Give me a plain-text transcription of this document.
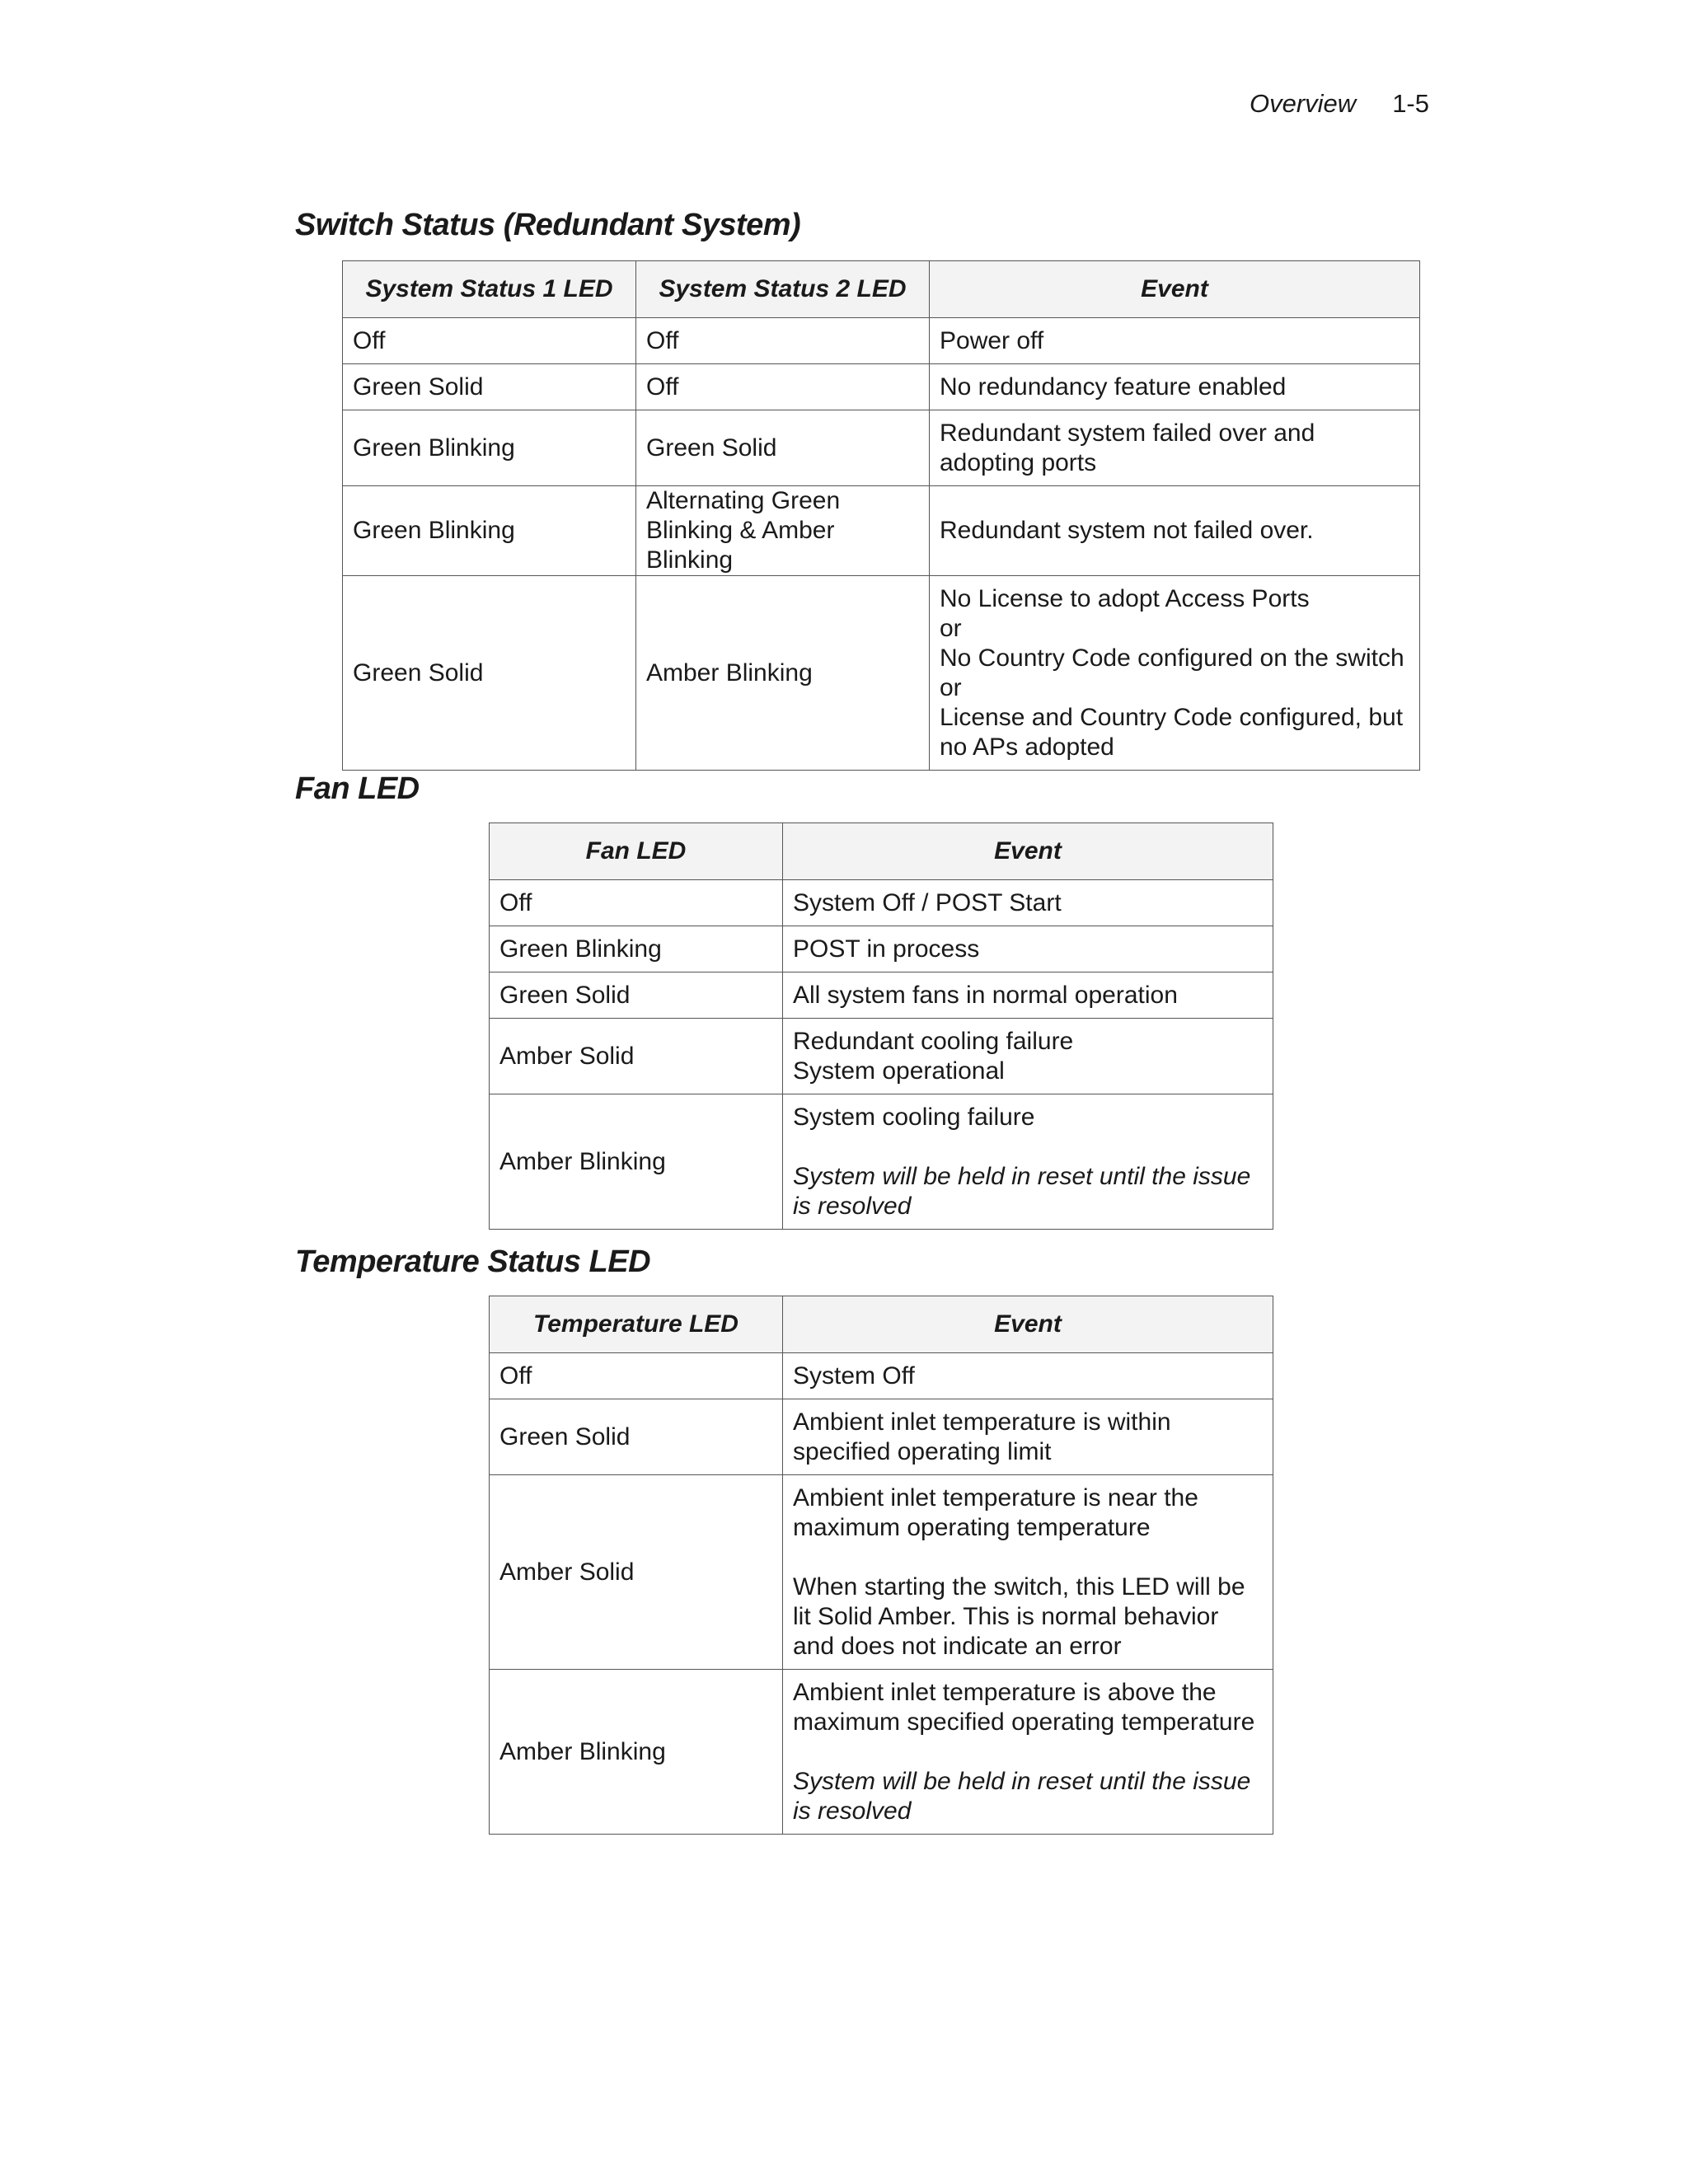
Overview 1-5
Switch Status (Redundant System)
System Status 1 LED	System Status 2 LED	Event
Off	Off	Power off
Green Solid	Off	No redundancy feature enabled
Green Blinking	Green Solid	Redundant system failed over and adopting ports
Green Blinking	Alternating Green Blinking & Amber Blinking	Redundant system not failed over.
Green Solid	Amber Blinking	No License to adopt Access Ports
or
No Country Code configured on the switch
or
License and Country Code configured, but no APs adopted
Fan LED
Fan LED	Event
Off	System Off / POST Start
Green Blinking	POST in process
Green Solid	All system fans in normal operation
Amber Solid	Redundant cooling failure
System operational
Amber Blinking	System cooling failure
System will be held in reset until the issue is resolved
Temperature Status LED
Temperature LED	Event
Off	System Off
Green Solid	Ambient inlet temperature is within specified operating limit
Amber Solid	Ambient inlet temperature is near the maximum operating temperature
When starting the switch, this LED will be lit Solid Amber. This is normal behavior and does not indicate an error
Amber Blinking	Ambient inlet temperature is above the maximum specified operating temperature
System will be held in reset until the issue is resolved
